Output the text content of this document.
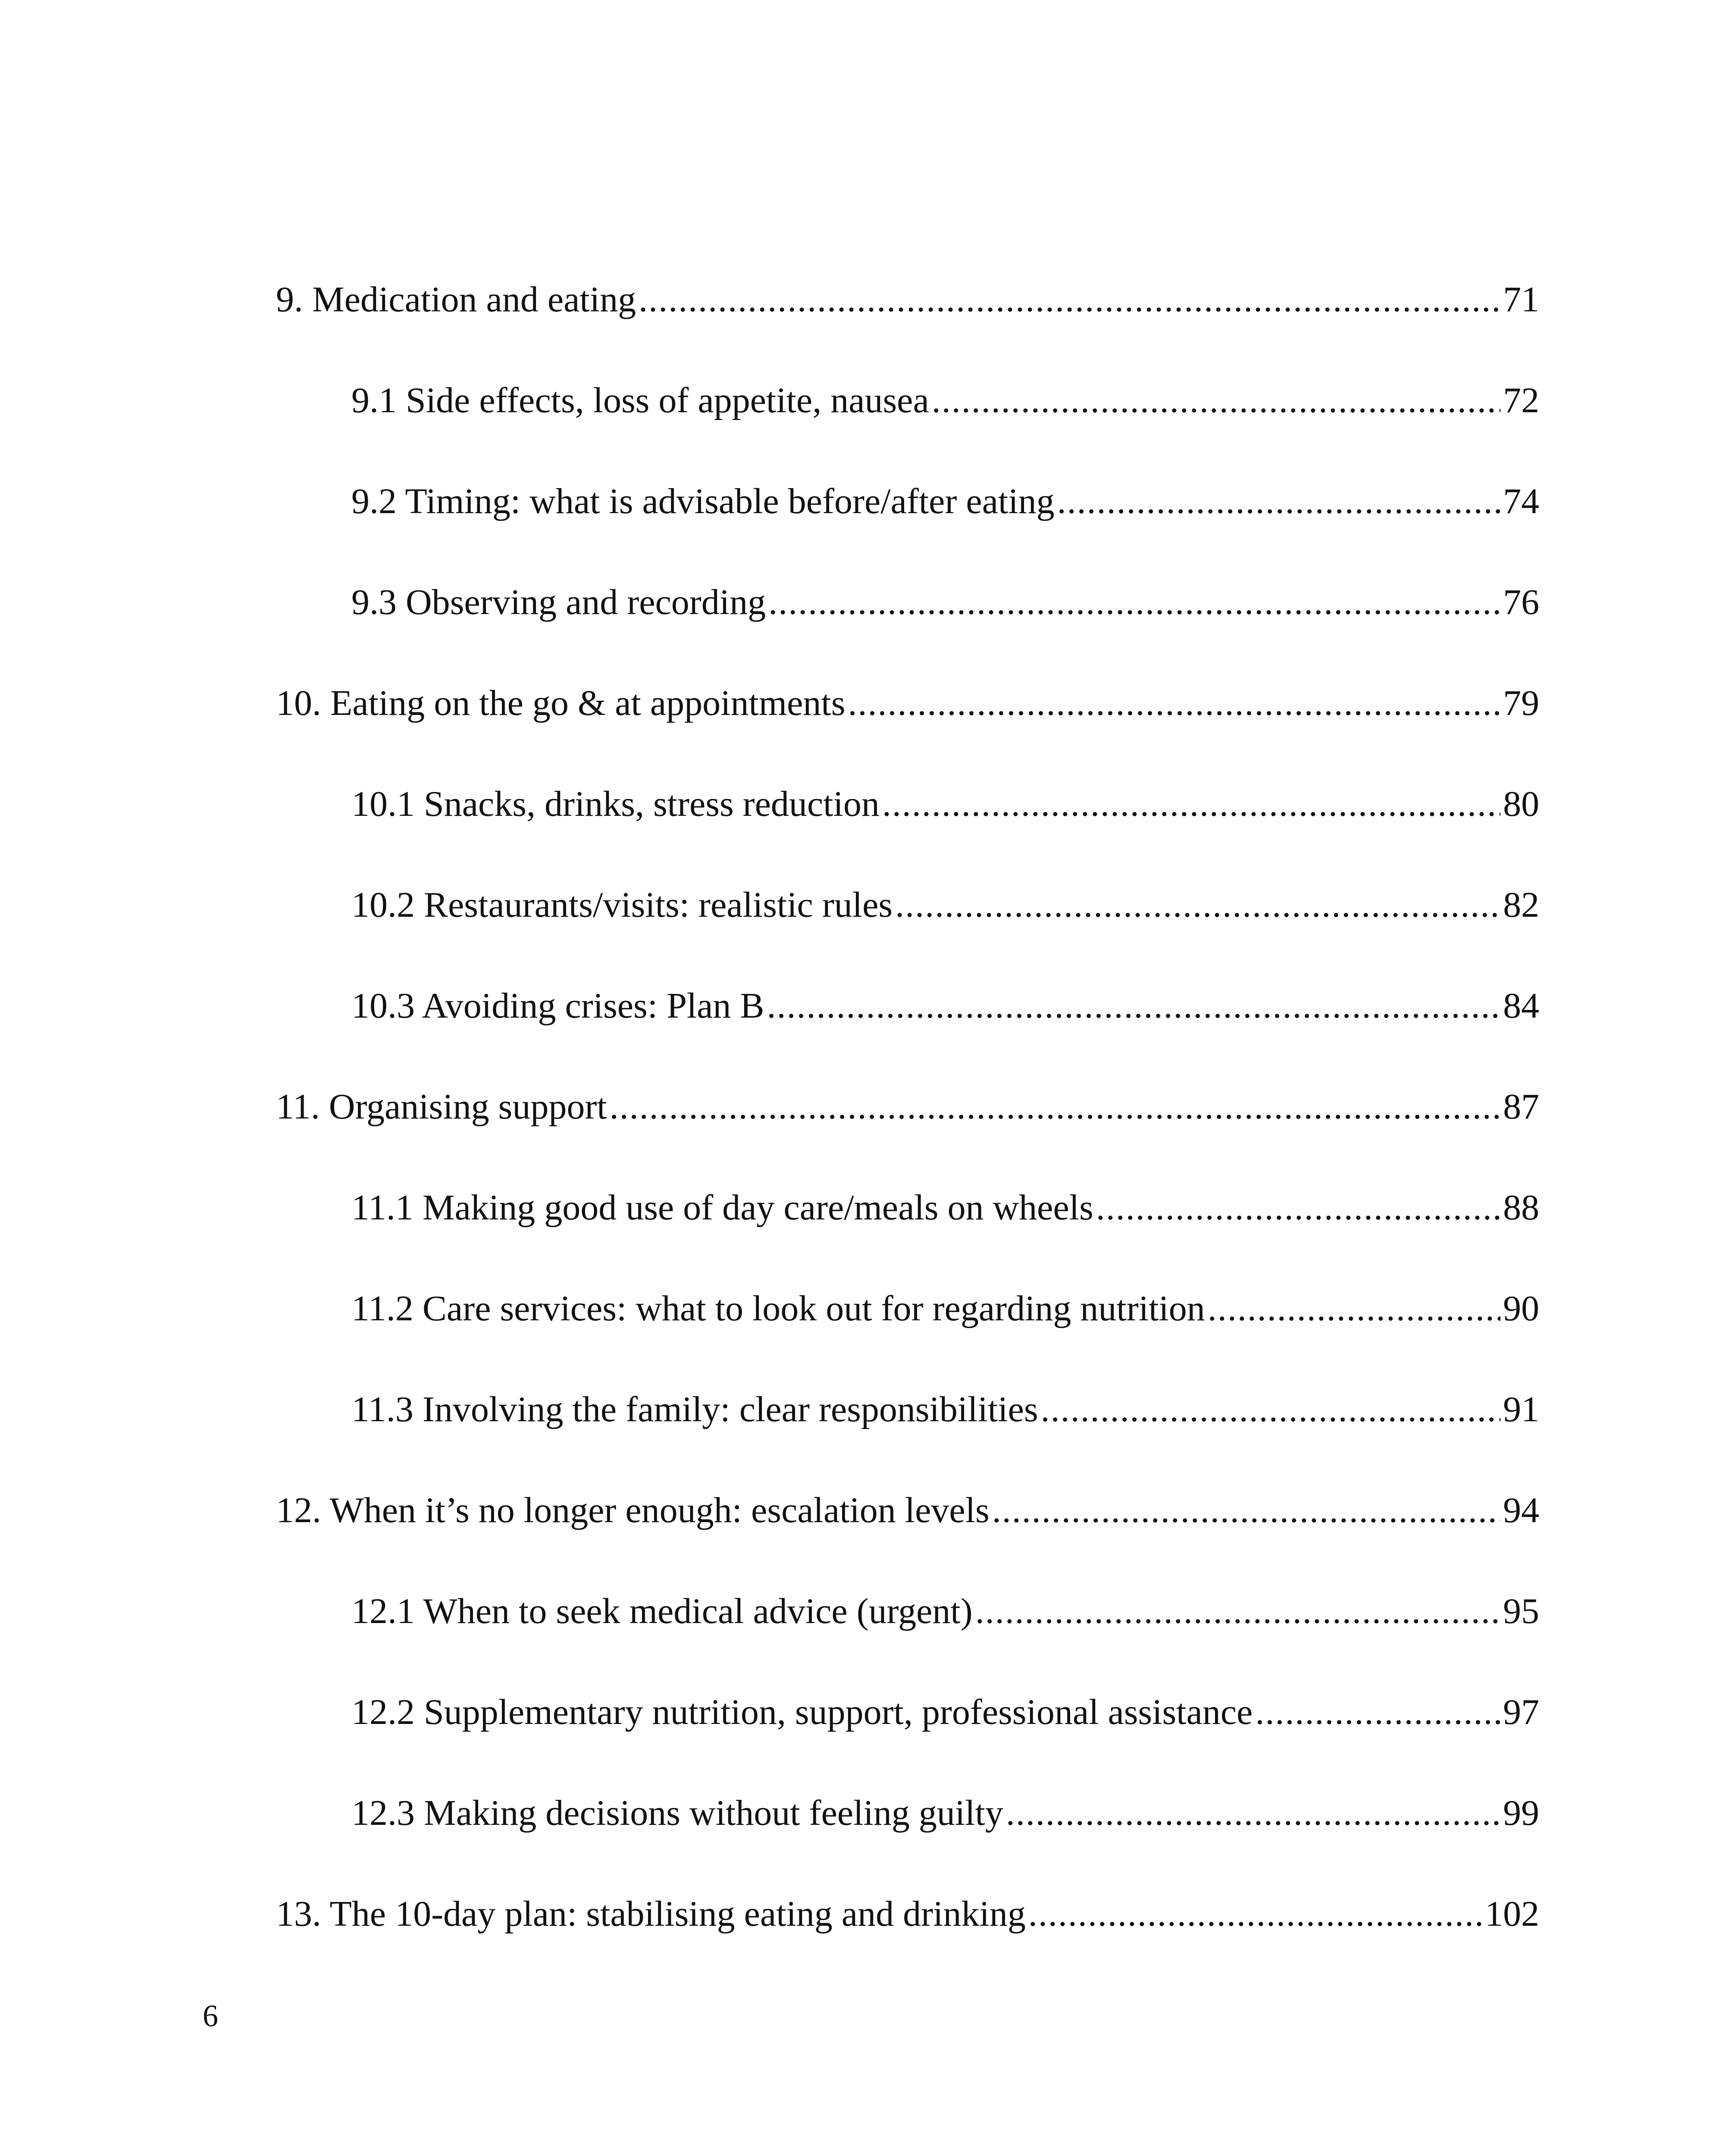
9. Medication and eating .....	71
9.1 Side effects, loss of appetite, nausea .....	72
9.2 Timing: what is advisable before/after eating .....	74
9.3 Observing and recording .....	76
10. Eating on the go & at appointments .....	79
10.1 Snacks, drinks, stress reduction .....	80
10.2 Restaurants/visits: realistic rules .....	82
10.3 Avoiding crises: Plan B .....	84
11. Organising support .....	87
11.1 Making good use of day care/meals on wheels .....	88
11.2 Care services: what to look out for regarding nutrition .....	90
11.3 Involving the family: clear responsibilities .....	91
12. When it’s no longer enough: escalation levels .....	94
12.1 When to seek medical advice (urgent) .....	95
12.2 Supplementary nutrition, support, professional assistance .....	97
12.3 Making decisions without feeling guilty .....	99
13. The 10-day plan: stabilising eating and drinking .....	102
6
